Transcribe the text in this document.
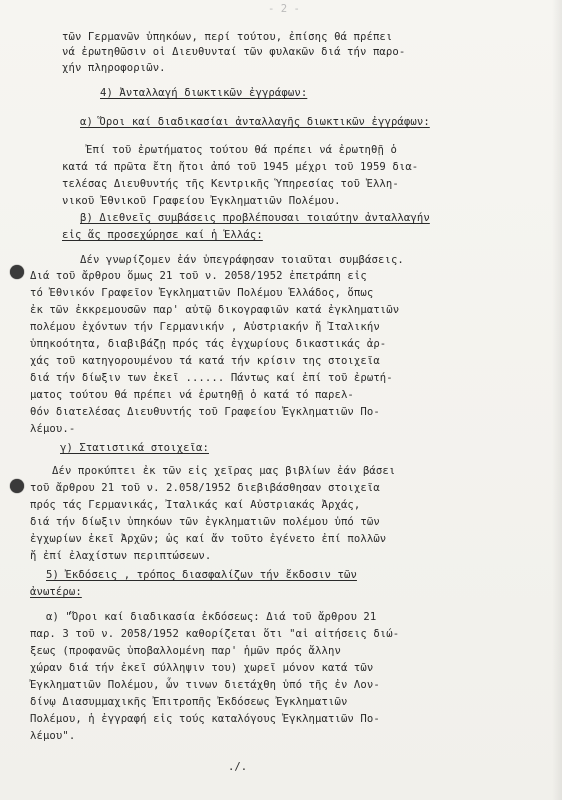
- 2 -
τῶν Γερμανῶν ὑπηκόων, περί τούτου, ἐπίσης θά πρέπει
νά ἐρωτηθῶσιν οἱ Διευθυνταί τῶν φυλακῶν διά τήν παρο-
χήν πληροφοριῶν.
4) Ἀνταλλαγή διωκτικῶν ἐγγράφων:
α) Ὅροι καί διαδικασίαι ἀνταλλαγῆς διωκτικῶν ἐγγράφων:
Ἐπί τοῦ ἐρωτήματος τούτου θά πρέπει νά ἐρωτηθῇ ὁ
κατά τά πρῶτα ἔτη ἤτοι ἀπό τοῦ 1945 μέχρι τοῦ 1959 δια-
τελέσας Διευθυντής τῆς Κεντρικῆς Ὑπηρεσίας τοῦ Ἑλλη-
νικοῦ Ἐθνικοῦ Γραφείου Ἐγκληματιῶν Πολέμου.
β) Διεθνεῖς συμβάσεις προβλέπουσαι τοιαύτην ἀνταλλαγήν
εἰς ἅς προσεχώρησε καί ἡ Ἑλλάς:
Δέν γνωρίζομεν ἐάν ὑπεγράφησαν τοιαῦται συμβάσεις.
Διά τοῦ ἄρθρου ὅμως 21 τοῦ ν. 2058/1952 ἐπετράπη εἰς
τό Ἐθνικόν Γραφεῖον Ἐγκληματιῶν Πολέμου Ἑλλάδος, ὅπως
ἐκ τῶν ἐκκρεμουσῶν παρ' αὐτῷ δικογραφιῶν κατά ἐγκληματιῶν
πολέμου ἐχόντων τήν Γερμανικήν , Αὐστριακήν ἤ Ἰταλικήν
ὑπηκοότητα, διαβιβάζῃ πρός τάς ἐγχωρίους δικαστικάς ἀρ-
χάς τοῦ κατηγορουμένου τά κατά τήν κρίσιν της στοιχεῖα
διά τήν δίωξιν των ἐκεῖ ...... Πάντως καί ἐπί τοῦ ἐρωτή-
ματος τούτου θά πρέπει νά ἐρωτηθῇ ὁ κατά τό παρελ-
θόν διατελέσας Διευθυντής τοῦ Γραφείου Ἐγκληματιῶν Πο-
λέμου.-
γ) Στατιστικά στοιχεῖα:
Δέν προκύπτει ἐκ τῶν εἰς χεῖρας μας βιβλίων ἐάν βάσει
τοῦ ἄρθρου 21 τοῦ ν. 2.058/1952 διεβιβάσθησαν στοιχεῖα
πρός τάς Γερμανικάς, Ἰταλικάς καί Αὐστριακάς Ἀρχάς,
διά τήν δίωξιν ὑπηκόων τῶν ἐγκληματιῶν πολέμου ὑπό τῶν
ἐγχωρίων ἐκεῖ Ἀρχῶν; ὡς καί ἄν τοῦτο ἐγένετο ἐπί πολλῶν
ἤ ἐπί ἐλαχίστων περιπτώσεων.
5) Ἐκδόσεις , τρόπος διασφαλίζων τήν ἔκδοσιν τῶν
ἀνωτέρω:
α) "Ὅροι καί διαδικασία ἐκδόσεως: Διά τοῦ ἄρθρου 21
παρ. 3 τοῦ ν. 2058/1952 καθορίζεται ὅτι "αἱ αἰτήσεις διώ-
ξεως (προφανῶς ὑποβαλλομένη παρ' ἡμῶν πρός ἄλλην
χώραν διά τήν ἐκεῖ σύλληψιν του) χωρεῖ μόνον κατά τῶν
Ἐγκληματιῶν Πολέμου, ὧν τινων διετάχθη ὑπό τῆς ἐν Λον-
δίνῳ Διασυμμαχικῆς Ἐπιτροπῆς Ἐκδόσεως Ἐγκληματιῶν
Πολέμου, ἡ ἐγγραφή εἰς τούς καταλόγους Ἐγκληματιῶν Πο-
λέμου".
./.
